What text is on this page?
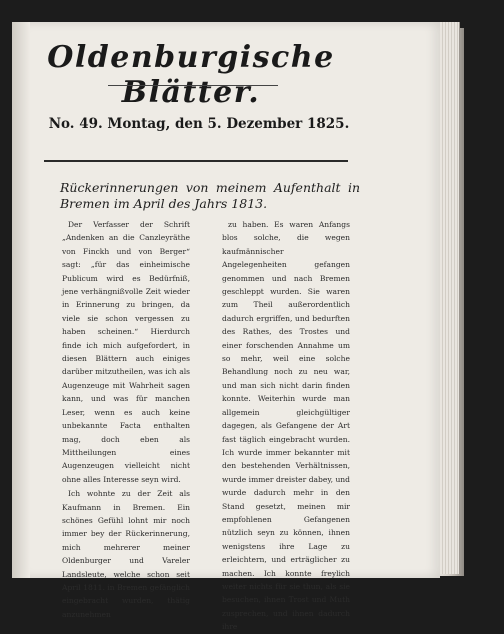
Oldenburgische Blätter.
No. 49. Montag, den 5. Dezember 1825.
Rückerinnerungen von meinem Aufenthalt in Bremen im April des Jahrs 1813.

Der Verfasser der Schrift „Andenken an die Canzleyräthe von Finckh und von Berger“ sagt: „für das einheimische Publicum wird es Bedürfniß, jene verhängnißvolle Zeit wieder in Erinnerung zu bringen, da viele sie schon vergessen zu haben scheinen.“ Hierdurch finde ich mich aufgefordert, in diesen Blättern auch einiges darüber mitzutheilen, was ich als Augenzeuge mit Wahrheit sagen kann, und was für manchen Leser, wenn es auch keine unbekannte Facta enthalten mag, doch eben als Mittheilungen eines Augenzeugen vielleicht nicht ohne alles Interesse seyn wird.

Ich wohnte zu der Zeit als Kaufmann in Bremen. Ein schönes Gefühl lohnt mir noch immer bey der Rückerinnerung, mich mehrerer meiner Oldenburger und Vareler Landsleute, welche schon seit April 1811. in Bremen gefänglich eingebracht wurden, thätig anzunehmen

zu haben. Es waren Anfangs blos solche, die wegen kaufmännischer Angelegenheiten gefangen genommen und nach Bremen geschleppt wurden. Sie waren zum Theil außerordentlich dadurch ergriffen, und bedurften des Rathes, des Trostes und einer forschenden Annahme um so mehr, weil eine solche Behandlung noch zu neu war, und man sich nicht darin finden konnte. Weiterhin wurde man allgemein gleichgültiger dagegen, als Gefangene der Art fast täglich eingebracht wurden. Ich wurde immer bekannter mit den bestehenden Verhältnissen, wurde immer dreister dabey, und wurde dadurch mehr in den Stand gesetzt, meinen mir empfohlenen Gefangenen nützlich seyn zu können, ihnen wenigstens ihre Lage zu erleichtern, und erträglicher zu machen. Ich konnte freylich weiter nichts für sie thun, als sie besuchen, ihnen Trost und Muth zusprechen, und ihnen dadurch ihre
